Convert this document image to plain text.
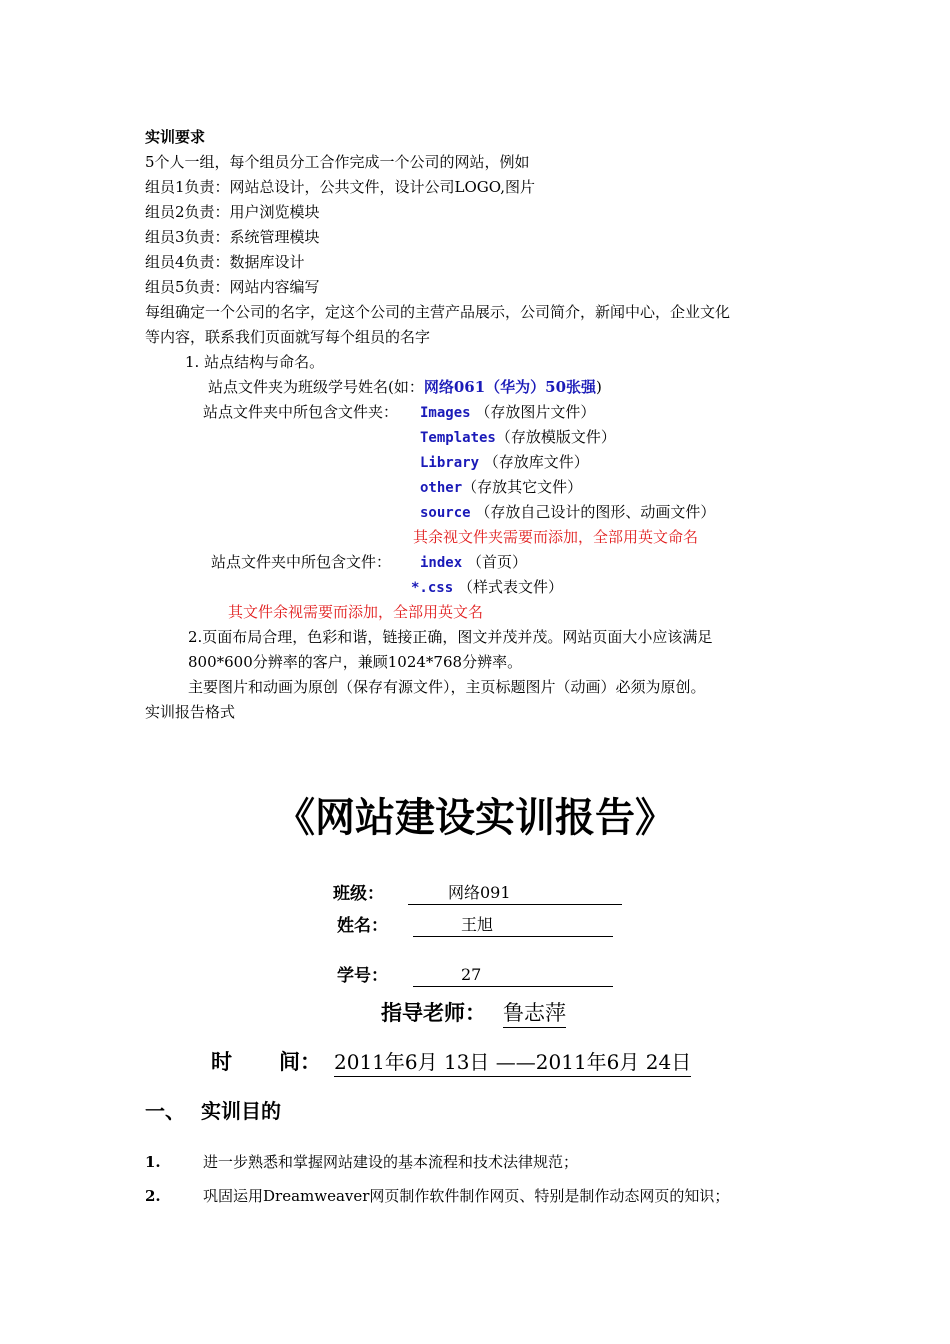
实训要求
5个人一组，每个组员分工合作完成一个公司的网站，例如
组员1负责：网站总设计，公共文件，设计公司LOGO,图片
组员2负责：用户浏览模块
组员3负责：系统管理模块
组员4负责：数据库设计
组员5负责：网站内容编写
每组确定一个公司的名字，定这个公司的主营产品展示，公司简介，新闻中心，企业文化
等内容，联系我们页面就写每个组员的名字
1. 站点结构与命名。
站点文件夹为班级学号姓名(如：网络061（华为）50张强)
站点文件夹中所包含文件夹： Images （存放图片文件）
Templates（存放模版文件）
Library （存放库文件）
other（存放其它文件）
source （存放自己设计的图形、动画文件）
其余视文件夹需要而添加，全部用英文命名
站点文件夹中所包含文件： index （首页）
*.css （样式表文件）
其文件余视需要而添加，全部用英文名
2.页面布局合理，色彩和谐，链接正确，图文并茂并茂。网站页面大小应该满足
800*600分辨率的客户，兼顾1024*768分辨率。
主要图片和动画为原创（保存有源文件），主页标题图片（动画）必须为原创。
实训报告格式
《网站建设实训报告》
班级：	网络091
姓名：	王旭
学号：	27
指导老师： 鲁志萍
时 间： 2011年6月 13日 ——2011年6月 24日
一、 实训目的
1.	进一步熟悉和掌握网站建设的基本流程和技术法律规范；
2.	巩固运用Dreamweaver网页制作软件制作网页、特别是制作动态网页的知识；
